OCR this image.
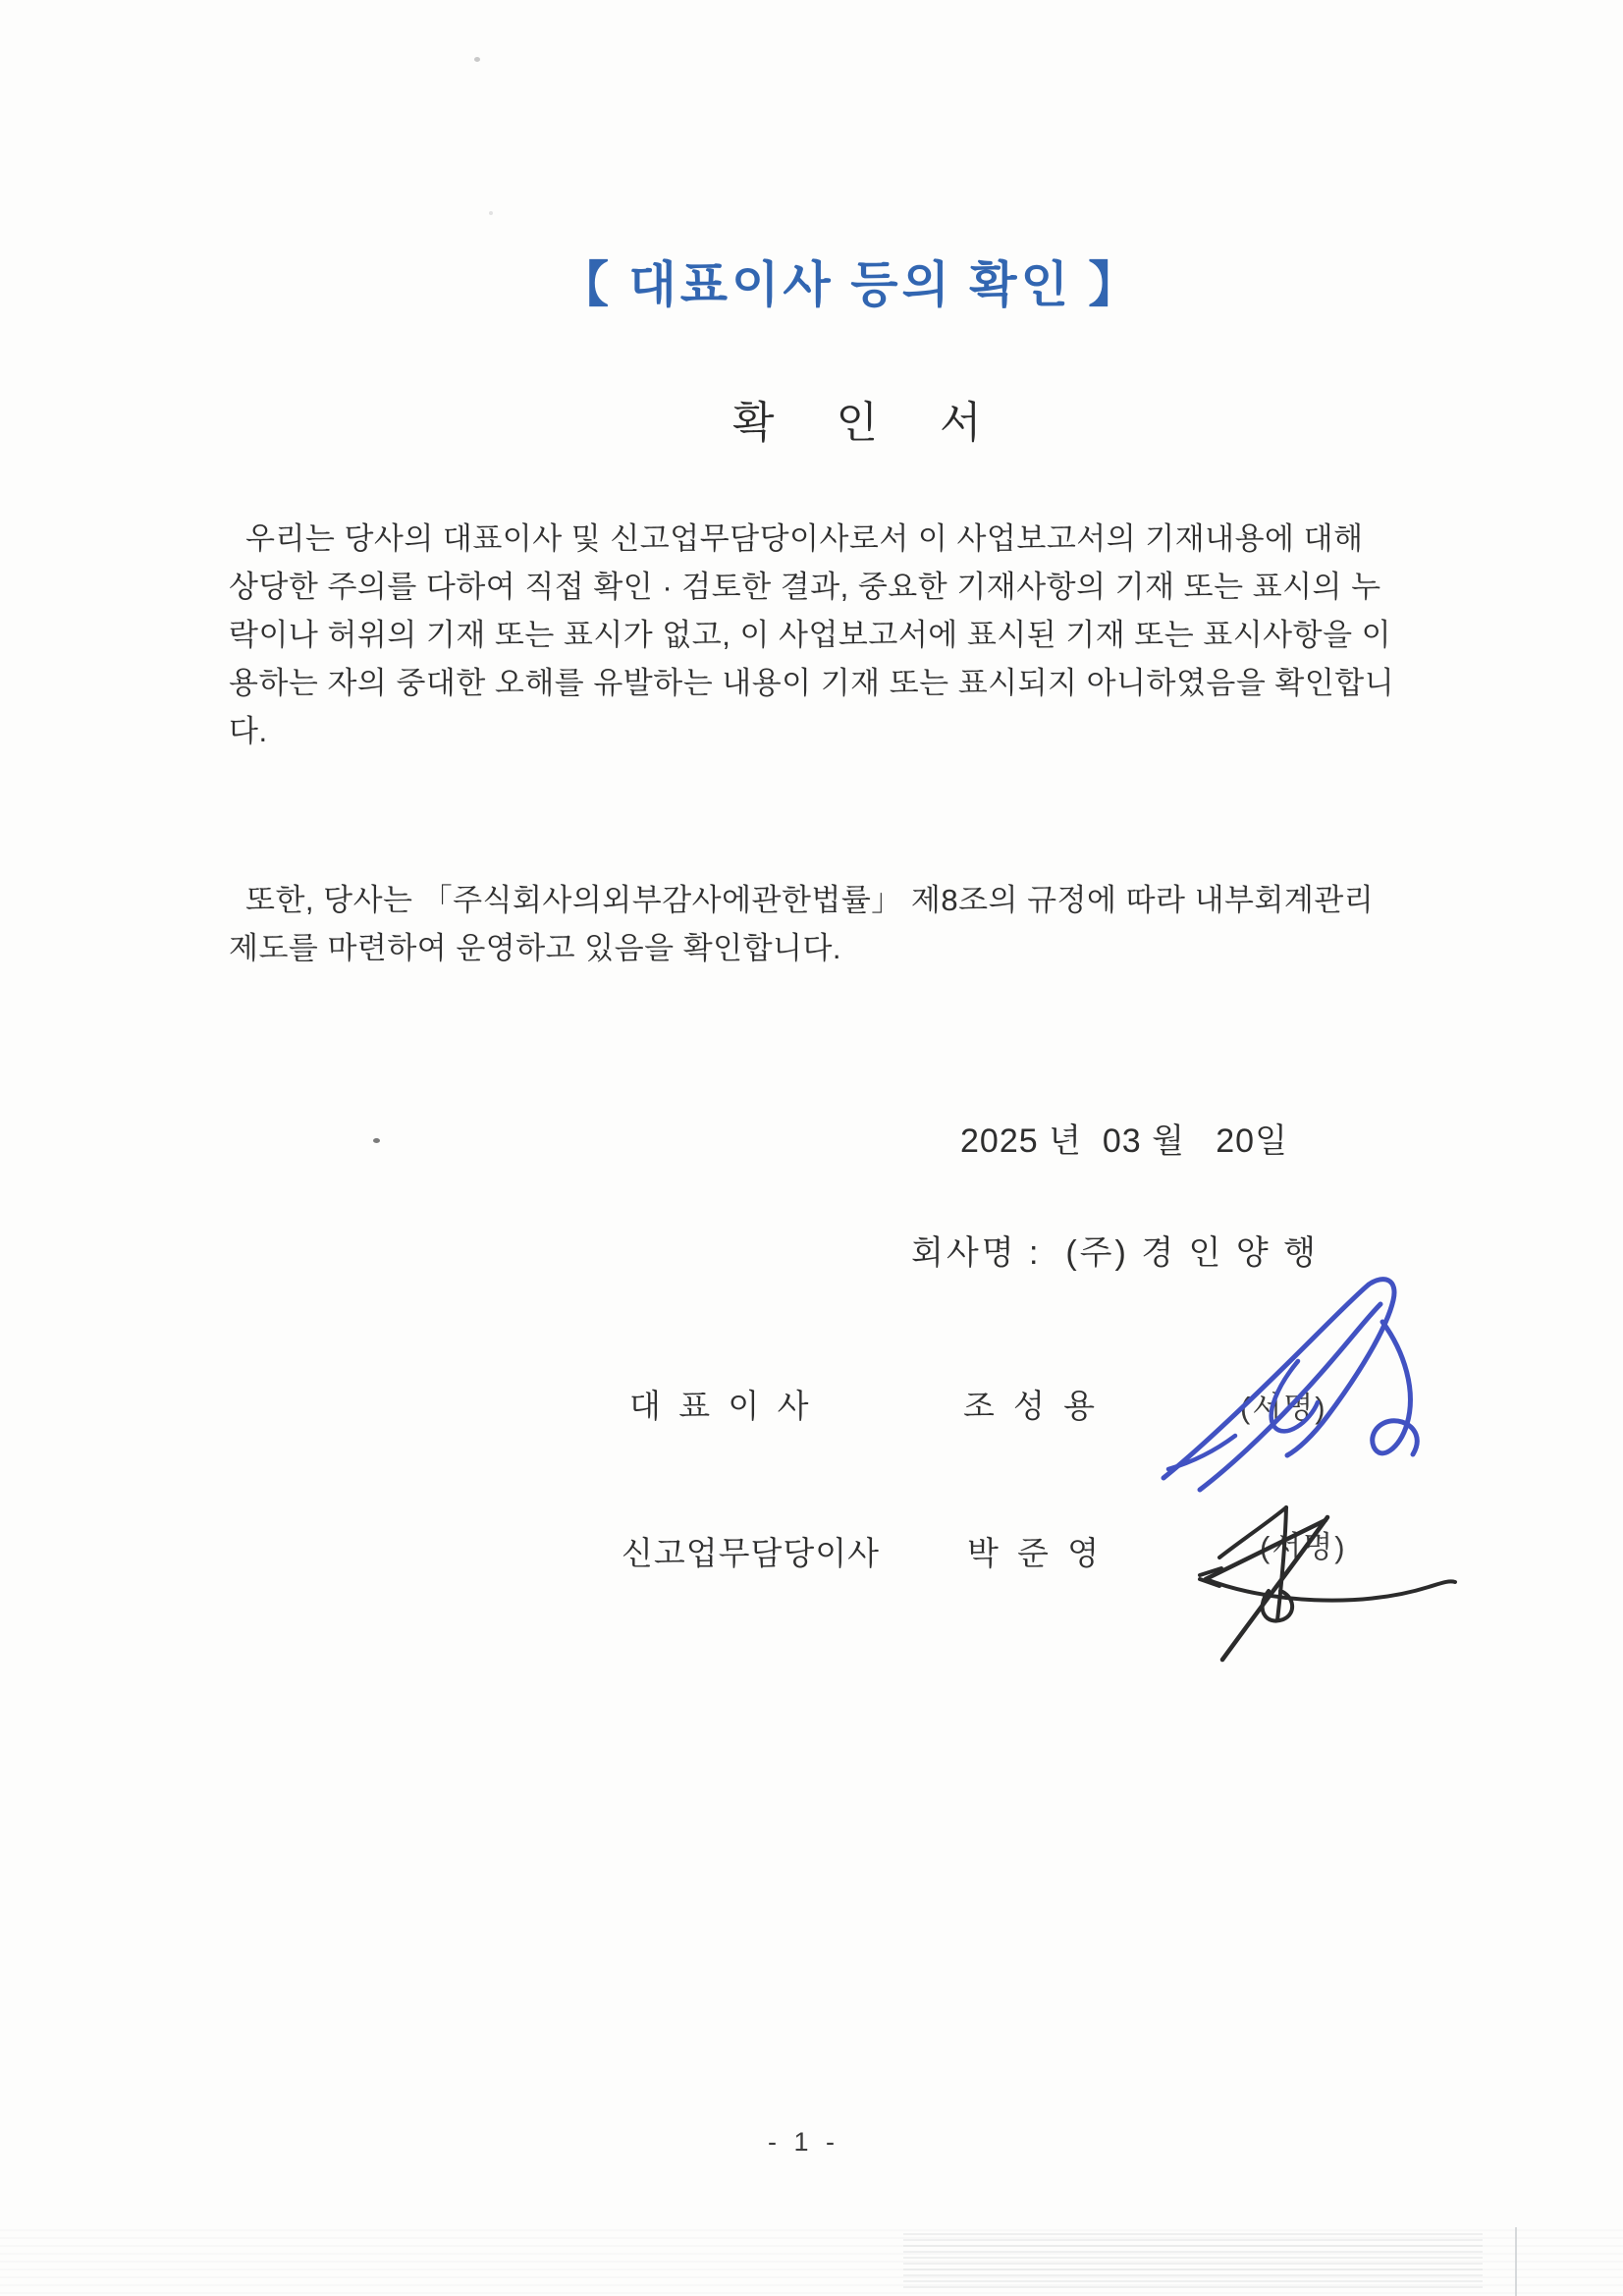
【 대표이사 등의 확인 】
확 인 서
우리는 당사의 대표이사 및 신고업무담당이사로서 이 사업보고서의 기재내용에 대해
상당한 주의를 다하여 직접 확인 · 검토한 결과, 중요한 기재사항의 기재 또는 표시의 누
락이나 허위의 기재 또는 표시가 없고, 이 사업보고서에 표시된 기재 또는 표시사항을 이
용하는 자의 중대한 오해를 유발하는 내용이 기재 또는 표시되지 아니하였음을 확인합니
다.
또한, 당사는 「주식회사의외부감사에관한법률」 제8조의 규정에 따라 내부회계관리
제도를 마련하여 운영하고 있음을 확인합니다.
2025 년  03 월   20일
회사명 :  (주) 경 인 양 행
대  표  이  사	조 성 용	(서명)
신고업무담당이사	박 준 영	(서명)
- 1 -
